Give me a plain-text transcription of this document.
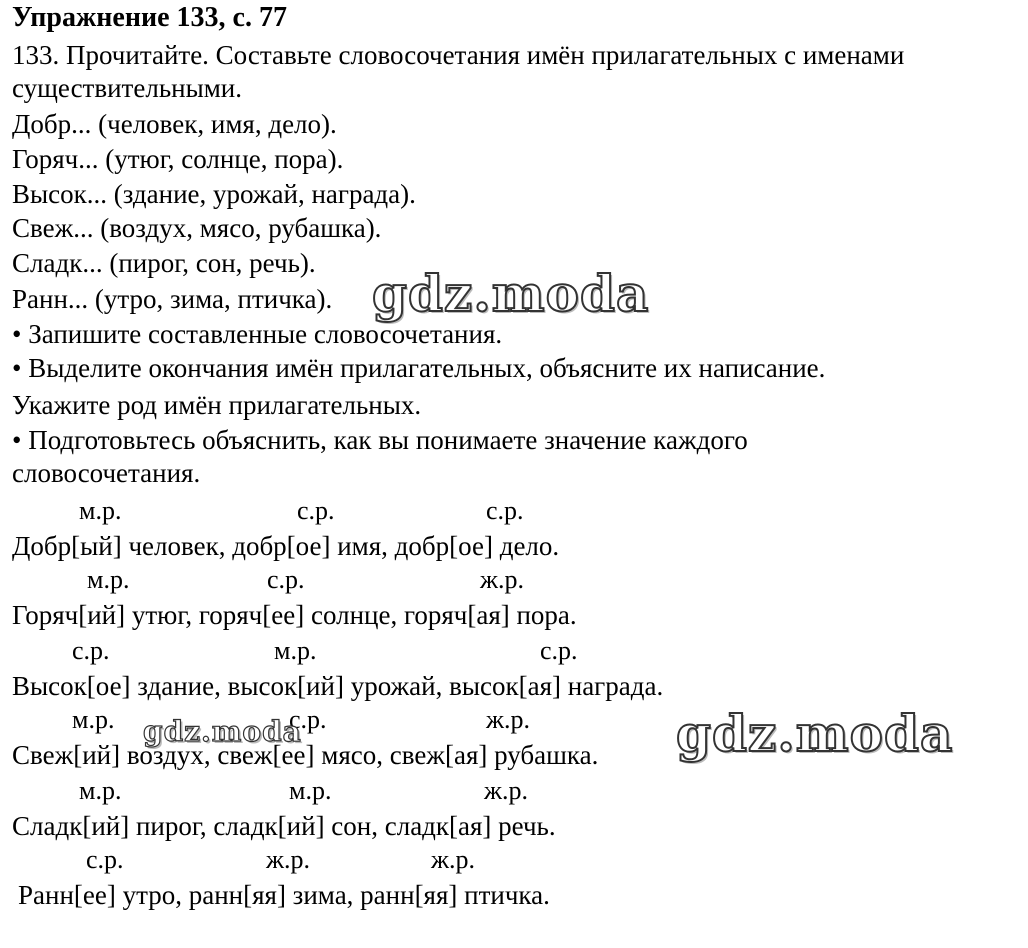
Упражнение 133, с. 77
133. Прочитайте. Составьте словосочетания имён прилагательных с именами
существительными.
Добр... (человек, имя, дело).
Горяч... (утюг, солнце, пора).
Высок... (здание, урожай, награда).
Свеж... (воздух, мясо, рубашка).
Сладк... (пирог, сон, речь).
Ранн... (утро, зима, птичка).
• Запишите составленные словосочетания.
• Выделите окончания имён прилагательных, объясните их написание.
Укажите род имён прилагательных.
• Подготовьтесь объяснить, как вы понимаете значение каждого
словосочетания.
м.р.	с.р.	с.р.
Добр[ый] человек, добр[ое] имя, добр[ое] дело.
м.р.	с.р.	ж.р.
Горяч[ий] утюг, горяч[ее] солнце, горяч[ая] пора.
с.р.	м.р.	с.р.
Высок[ое] здание, высок[ий] урожай, высок[ая] награда.
м.р.	с.р.	ж.р.
Свеж[ий] воздух, свеж[ее] мясо, свеж[ая] рубашка.
м.р.	м.р.	ж.р.
Сладк[ий] пирог, сладк[ий] сон, сладк[ая] речь.
с.р.	ж.р.	ж.р.
Ранн[ее] утро, ранн[яя] зима, ранн[яя] птичка.
gdz.moda
gdz.moda	gdz.moda
